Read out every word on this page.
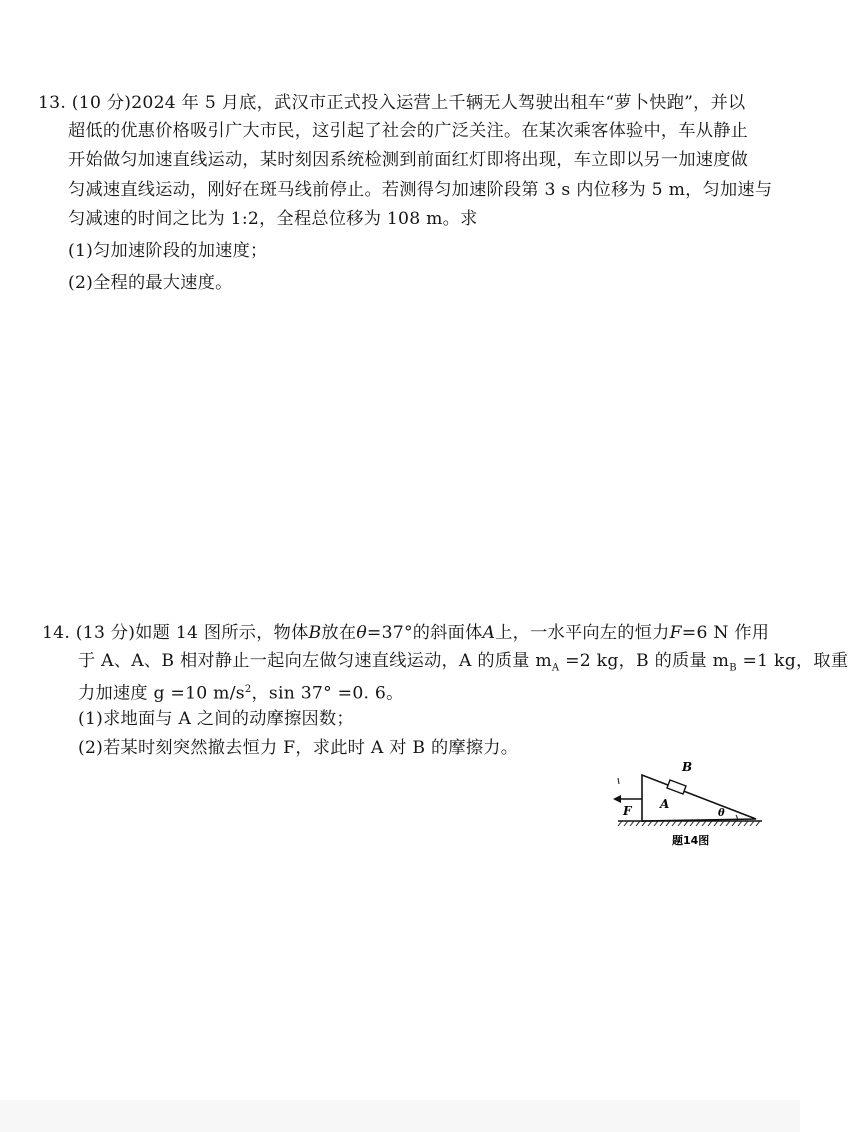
13. (10 分)2024 年 5 月底，武汉市正式投入运营上千辆无人驾驶出租车“萝卜快跑”，并以
超低的优惠价格吸引广大市民，这引起了社会的广泛关注。在某次乘客体验中，车从静止
开始做匀加速直线运动，某时刻因系统检测到前面红灯即将出现，车立即以另一加速度做
匀减速直线运动，刚好在斑马线前停止。若测得匀加速阶段第 3 s 内位移为 5 m，匀加速与
匀减速的时间之比为 1:2，全程总位移为 108 m。求
(1)匀加速阶段的加速度；
(2)全程的最大速度。
14. (13 分)如题 14 图所示，物体B放在θ=37°的斜面体A上，一水平向左的恒力F=6 N 作用
于 A、A、B 相对静止一起向左做匀速直线运动，A 的质量 $m_A =2$ kg，B 的质量 $m_B =1$ kg，取重
力加速度 g =10 $m/s^2$，sin 37° =0. 6。
(1)求地面与 A 之间的动摩擦因数；
(2)若某时刻突然撤去恒力 F，求此时 A 对 B 的摩擦力。
B
A
F	θ
题14图
